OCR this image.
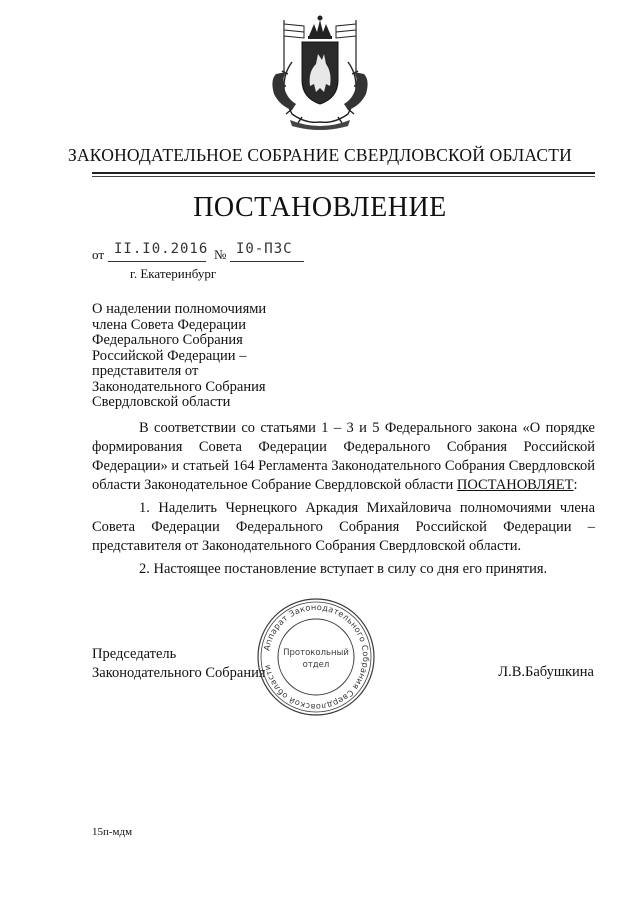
ЗАКОНОДАТЕЛЬНОЕ СОБРАНИЕ СВЕРДЛОВСКОЙ ОБЛАСТИ
ПОСТАНОВЛЕНИЕ
от II.I0.2016 № I0-ПЗС
г. Екатеринбург
О наделении полномочиями
члена Совета Федерации
Федерального Собрания
Российской Федерации –
представителя от
Законодательного Собрания
Свердловской области

В соответствии со статьями 1 – 3 и 5 Федерального закона «О порядке формирования Совета Федерации Федерального Собрания Российской Федерации» и статьей 164 Регламента Законодательного Собрания Свердловской области Законодательное Собрание Свердловской области ПОСТАНОВЛЯЕТ:

1. Наделить Чернецкого Аркадия Михайловича полномочиями члена Совета Федерации Федерального Собрания Российской Федерации – представителя от Законодательного Собрания Свердловской области.

2. Настоящее постановление вступает в силу со дня его принятия.

Председатель
Законодательного Собрания
Аппарат Законодательного Собрания Свердловской области
Протокольный
отдел	Л.В.Бабушкина
15п-мдм
